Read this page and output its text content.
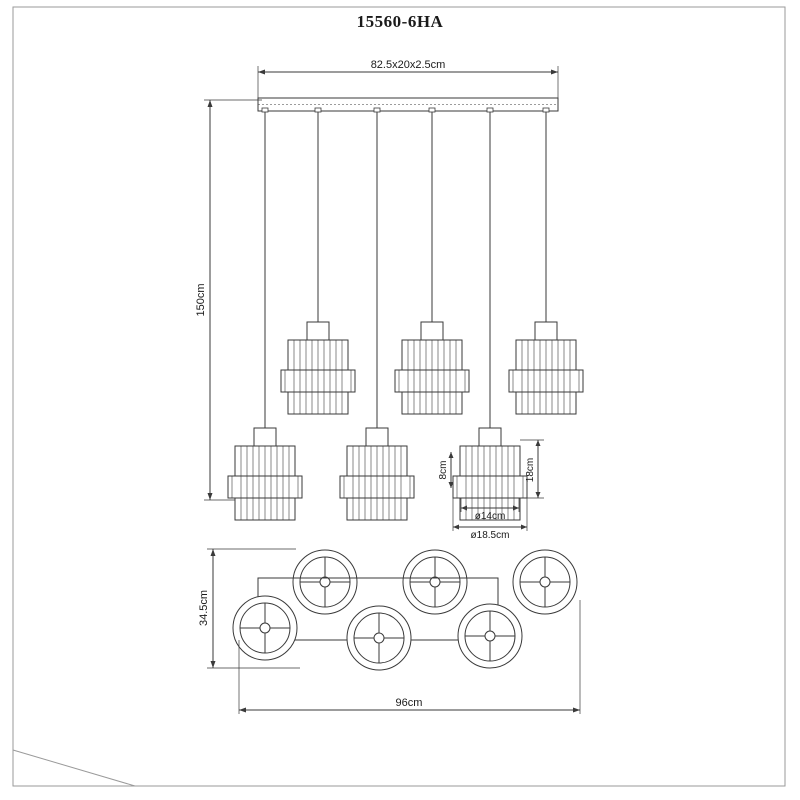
15560-6HA
82.5x20x2.5cm
150cm
18cm
8cm
ø14cm
ø18.5cm
34.5cm
96cm
